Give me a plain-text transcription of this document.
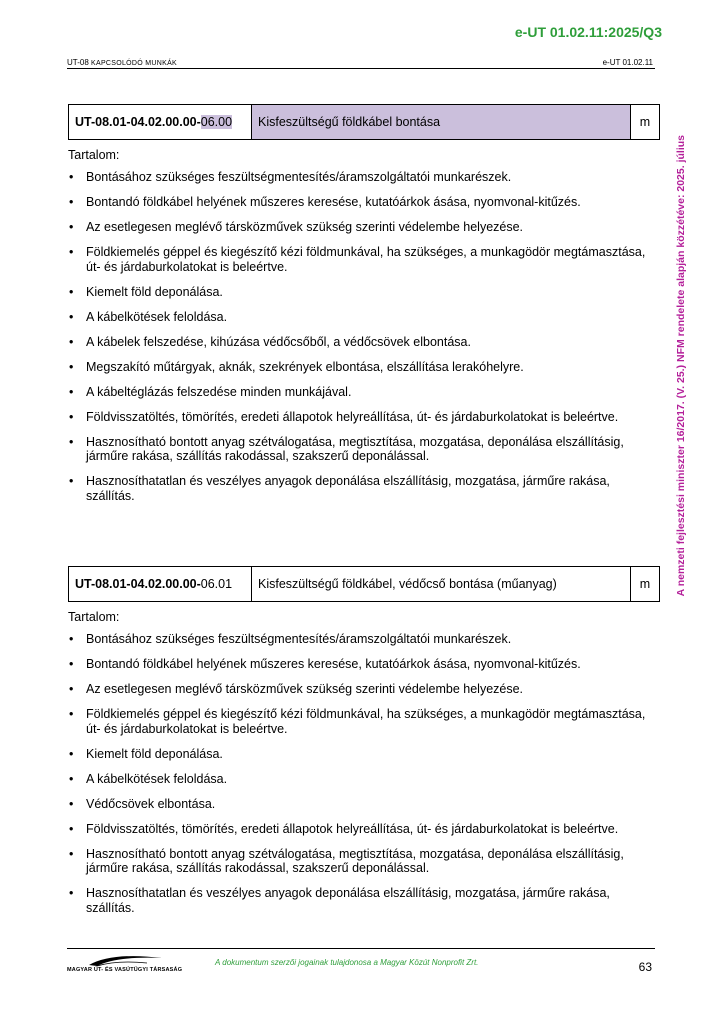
e-UT 01.02.11:2025/Q3
UT-08 KAPCSOLÓDÓ MUNKÁK	e-UT 01.02.11
A nemzeti fejlesztési miniszter 16/2017. (V. 25.) NFM rendelete alapján közzétéve: 2025. július
UT-08.01-04.02.00.00- 06.00	Kisfeszültségű földkábel bontása	m
Tartalom:
• Bontásához szükséges feszültségmentesítés/áramszolgáltatói munkarészek.
• Bontandó földkábel helyének műszeres keresése, kutatóárkok ásása, nyomvonal-kitűzés.
• Az esetlegesen meglévő társközművek szükség szerinti védelembe helyezése.
• Földkiemelés géppel és kiegészítő kézi földmunkával, ha szükséges, a munkagödör megtámasztása, út- és járdaburkolatokat is beleértve.
• Kiemelt föld deponálása.
• A kábelkötések feloldása.
• A kábelek felszedése, kihúzása védőcsőből, a védőcsövek elbontása.
• Megszakító műtárgyak, aknák, szekrények elbontása, elszállítása lerakóhelyre.
• A kábeltéglázás felszedése minden munkájával.
• Földvisszatöltés, tömörítés, eredeti állapotok helyreállítása, út- és járdaburkolatokat is beleértve.
• Hasznosítható bontott anyag szétválogatása, megtisztítása, mozgatása, deponálása elszállításig, járműre rakása, szállítás rakodással, szakszerű deponálással.
• Hasznosíthatatlan és veszélyes anyagok deponálása elszállításig, mozgatása, járműre rakása, szállítás.
UT-08.01-04.02.00.00- 06.01	Kisfeszültségű földkábel, védőcső bontása (műanyag)	m
Tartalom:
• Bontásához szükséges feszültségmentesítés/áramszolgáltatói munkarészek.
• Bontandó földkábel helyének műszeres keresése, kutatóárkok ásása, nyomvonal-kitűzés.
• Az esetlegesen meglévő társközművek szükség szerinti védelembe helyezése.
• Földkiemelés géppel és kiegészítő kézi földmunkával, ha szükséges, a munkagödör megtámasztása, út- és járdaburkolatokat is beleértve.
• Kiemelt föld deponálása.
• A kábelkötések feloldása.
• Védőcsövek elbontása.
• Földvisszatöltés, tömörítés, eredeti állapotok helyreállítása, út- és járdaburkolatokat is beleértve.
• Hasznosítható bontott anyag szétválogatása, megtisztítása, mozgatása, deponálása elszállításig, járműre rakása, szállítás rakodással, szakszerű deponálással.
• Hasznosíthatatlan és veszélyes anyagok deponálása elszállításig, mozgatása, járműre rakása, szállítás.
MAGYAR ÚT- ÉS VASÚTÜGYI TÁRSASÁG
A dokumentum szerzői jogainak tulajdonosa a Magyar Közút Nonprofit Zrt.	63
